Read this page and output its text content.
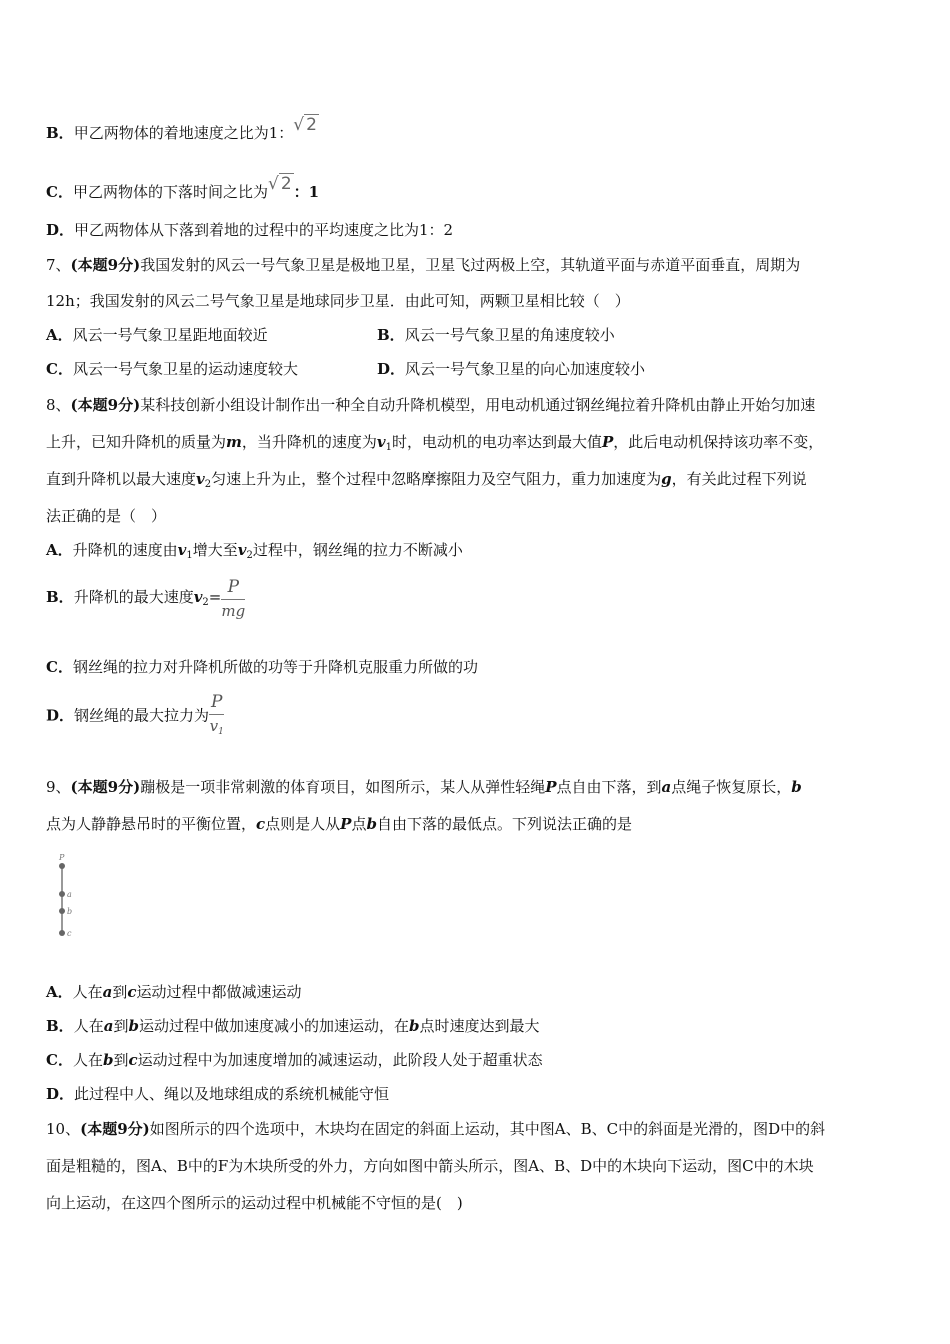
B．甲乙两物体的着地速度之比为1：√ 2
C．甲乙两物体的下落时间之比为√ 2 ：1
D．甲乙两物体从下落到着地的过程中的平均速度之比为1：2
7、(本题9分)我国发射的风云一号气象卫星是极地卫星，卫星飞过两极上空，其轨道平面与赤道平面垂直，周期为
12h；我国发射的风云二号气象卫星是地球同步卫星．由此可知，两颗卫星相比较（　）
A．风云一号气象卫星距地面较近	B．风云一号气象卫星的角速度较小
C．风云一号气象卫星的运动速度较大	D．风云一号气象卫星的向心加速度较小
8、(本题9分)某科技创新小组设计制作出一种全自动升降机模型，用电动机通过钢丝绳拉着升降机由静止开始匀加速
上升，已知升降机的质量为m，当升降机的速度为$v_1$时，电动机的电功率达到最大值P，此后电动机保持该功率不变，
直到升降机以最大速度$v_2$匀速上升为止，整个过程中忽略摩擦阻力及空气阻力，重力加速度为g，有关此过程下列说
法正确的是（　）
A．升降机的速度由$v_1$增大至$v_2$过程中，钢丝绳的拉力不断减小
B．升降机的最大速度$v_2= \frac{P}{mg}$
C．钢丝绳的拉力对升降机所做的功等于升降机克服重力所做的功
D．钢丝绳的最大拉力为 $\frac{P}{v_1}$
9、(本题9分)蹦极是一项非常刺激的体育项目，如图所示，某人从弹性轻绳P点自由下落，到a点绳子恢复原长，b
点为人静静悬吊时的平衡位置，c点则是人从P点b自由下落的最低点。下列说法正确的是
P
a
b
c
A．人在a到c运动过程中都做减速运动
B．人在a到b运动过程中做加速度减小的加速运动，在b点时速度达到最大
C．人在b到c运动过程中为加速度增加的减速运动，此阶段人处于超重状态
D．此过程中人、绳以及地球组成的系统机械能守恒
10、(本题9分)如图所示的四个选项中，木块均在固定的斜面上运动，其中图A、B、C中的斜面是光滑的，图D中的斜
面是粗糙的，图A、B中的F为木块所受的外力，方向如图中箭头所示，图A、B、D中的木块向下运动，图C中的木块
向上运动，在这四个图所示的运动过程中机械能不守恒的是(　)
